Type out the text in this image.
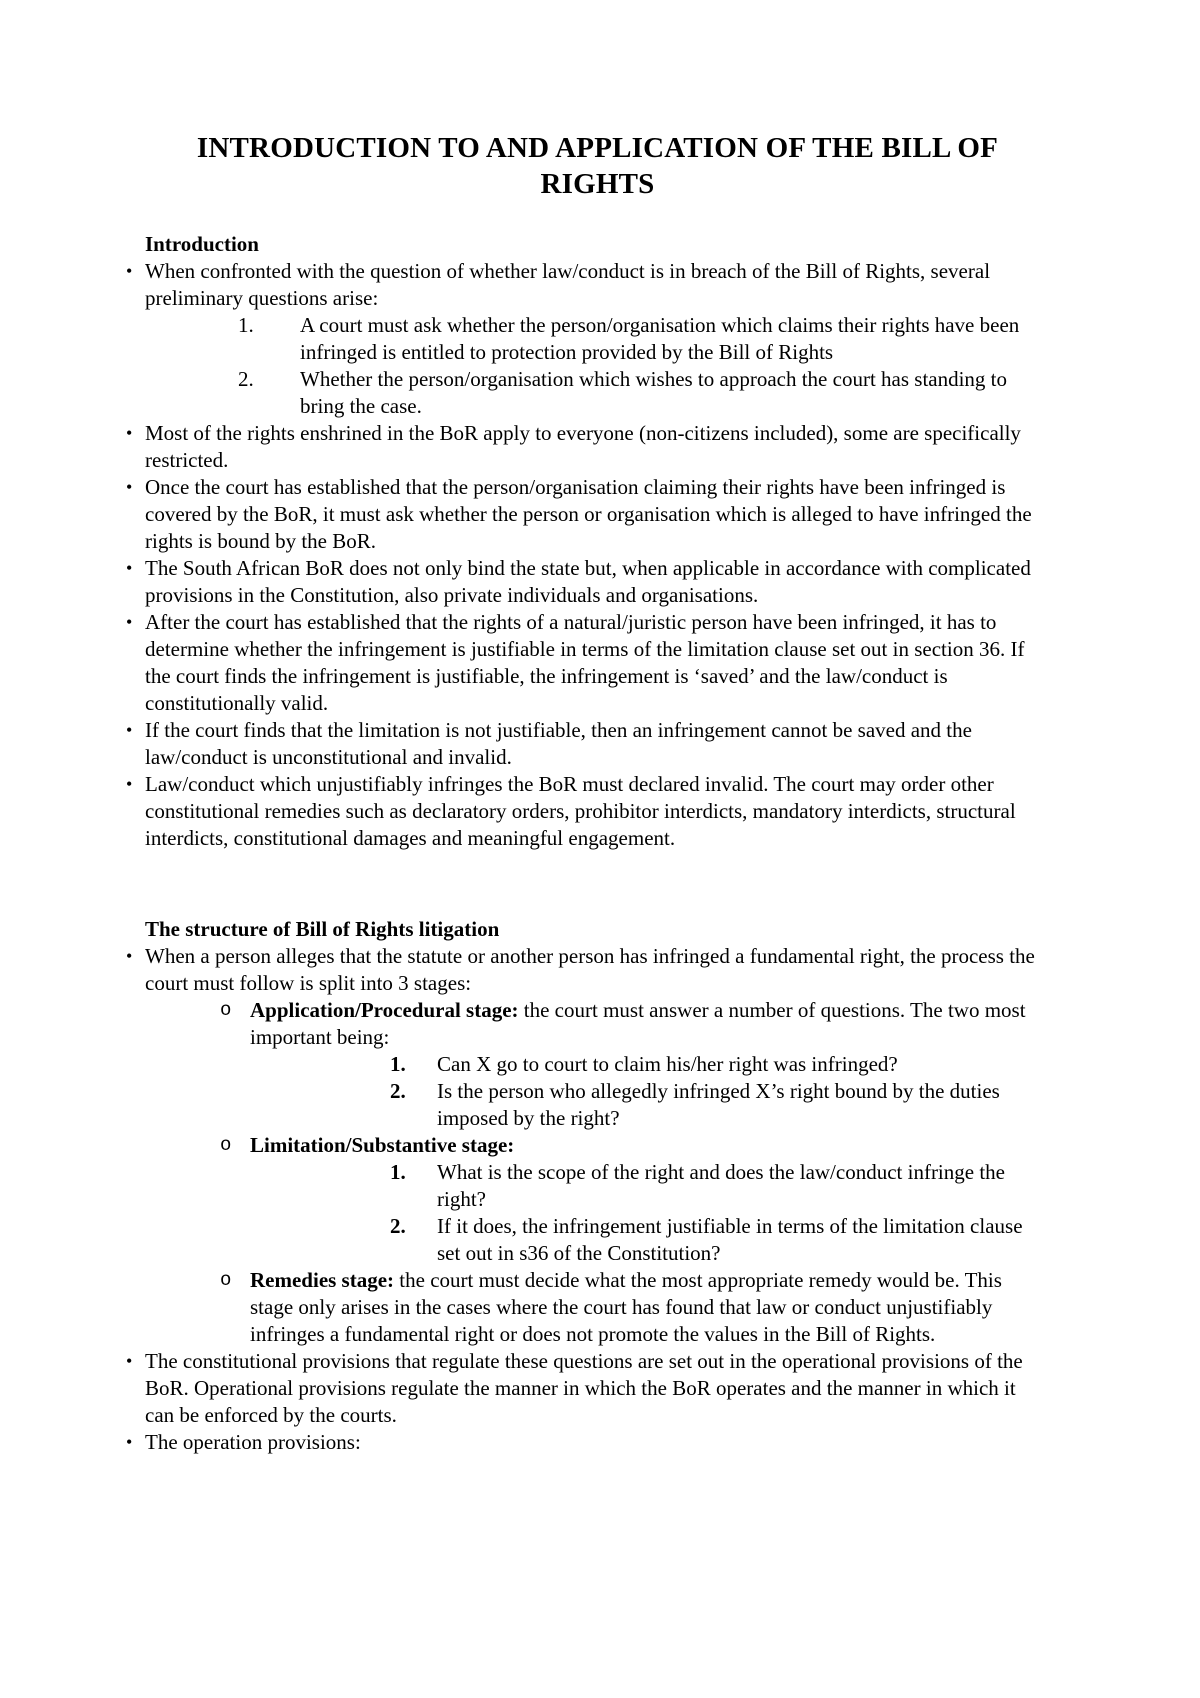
INTRODUCTION TO AND APPLICATION OF THE BILL OF RIGHTS
Introduction
• When confronted with the question of whether law/conduct is in breach of the Bill of Rights, several preliminary questions arise:
1. A court must ask whether the person/organisation which claims their rights have been infringed is entitled to protection provided by the Bill of Rights
2. Whether the person/organisation which wishes to approach the court has standing to bring the case.
• Most of the rights enshrined in the BoR apply to everyone (non-citizens included), some are specifically restricted.
• Once the court has established that the person/organisation claiming their rights have been infringed is covered by the BoR, it must ask whether the person or organisation which is alleged to have infringed the rights is bound by the BoR.
• The South African BoR does not only bind the state but, when applicable in accordance with complicated provisions in the Constitution, also private individuals and organisations.
• After the court has established that the rights of a natural/juristic person have been infringed, it has to determine whether the infringement is justifiable in terms of the limitation clause set out in section 36. If the court finds the infringement is justifiable, the infringement is ‘saved’ and the law/conduct is constitutionally valid.
• If the court finds that the limitation is not justifiable, then an infringement cannot be saved and the law/conduct is unconstitutional and invalid.
• Law/conduct which unjustifiably infringes the BoR must declared invalid. The court may order other constitutional remedies such as declaratory orders, prohibitor interdicts, mandatory interdicts, structural interdicts, constitutional damages and meaningful engagement.
The structure of Bill of Rights litigation
• When a person alleges that the statute or another person has infringed a fundamental right, the process the court must follow is split into 3 stages:
o Application/Procedural stage: the court must answer a number of questions. The two most important being:
1. Can X go to court to claim his/her right was infringed?
2. Is the person who allegedly infringed X’s right bound by the duties imposed by the right?
o Limitation/Substantive stage:
1. What is the scope of the right and does the law/conduct infringe the right?
2. If it does, the infringement justifiable in terms of the limitation clause set out in s36 of the Constitution?
o Remedies stage: the court must decide what the most appropriate remedy would be. This stage only arises in the cases where the court has found that law or conduct unjustifiably infringes a fundamental right or does not promote the values in the Bill of Rights.
• The constitutional provisions that regulate these questions are set out in the operational provisions of the BoR. Operational provisions regulate the manner in which the BoR operates and the manner in which it can be enforced by the courts.
• The operation provisions:
